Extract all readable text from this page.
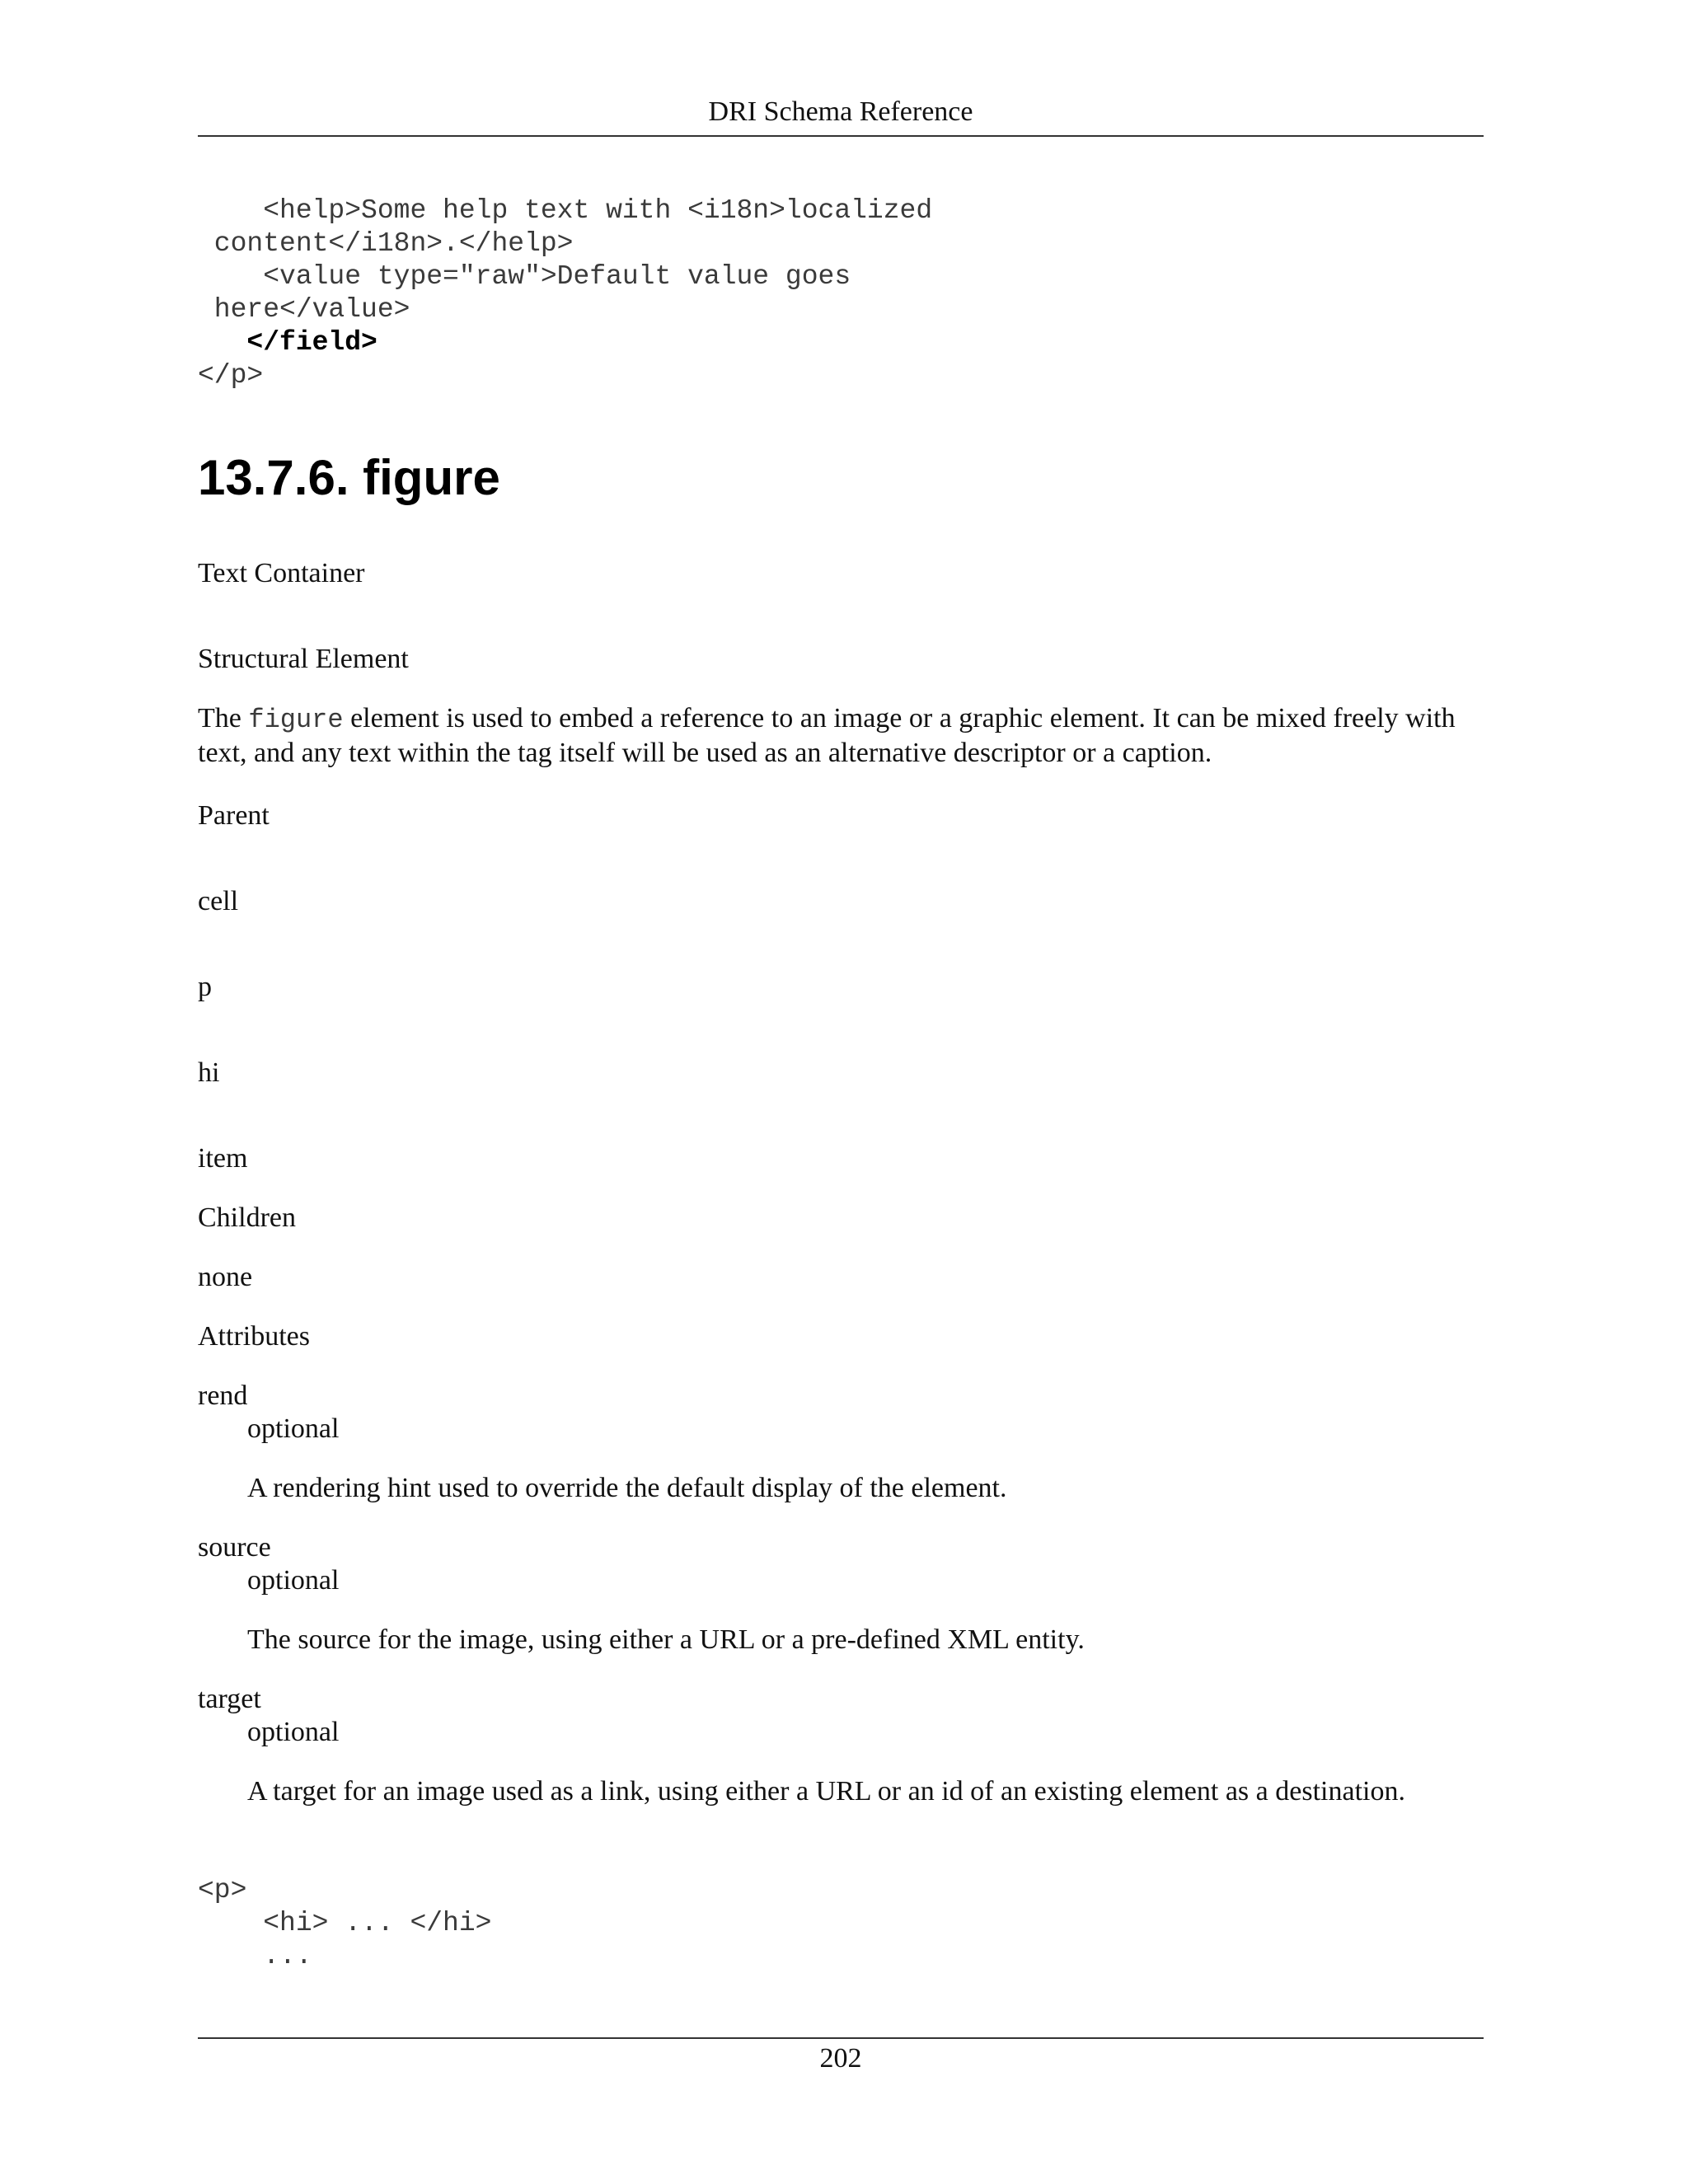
DRI Schema Reference
<help>Some help text with <i18n>localized
content</i18n>.</help>
<value type="raw">Default value goes
here</value>
</field>
</p>
13.7.6. figure
Text Container
Structural Element
The figure element is used to embed a reference to an image or a graphic element. It can be mixed freely with text, and any text within the tag itself will be used as an alternative descriptor or a caption.
Parent
cell
p
hi
item
Children
none
Attributes
rend
optional
A rendering hint used to override the default display of the element.
source
optional
The source for the image, using either a URL or a pre-defined XML entity.
target
optional
A target for an image used as a link, using either a URL or an id of an existing element as a destination.
<p>
<hi> ... </hi>
...
202
